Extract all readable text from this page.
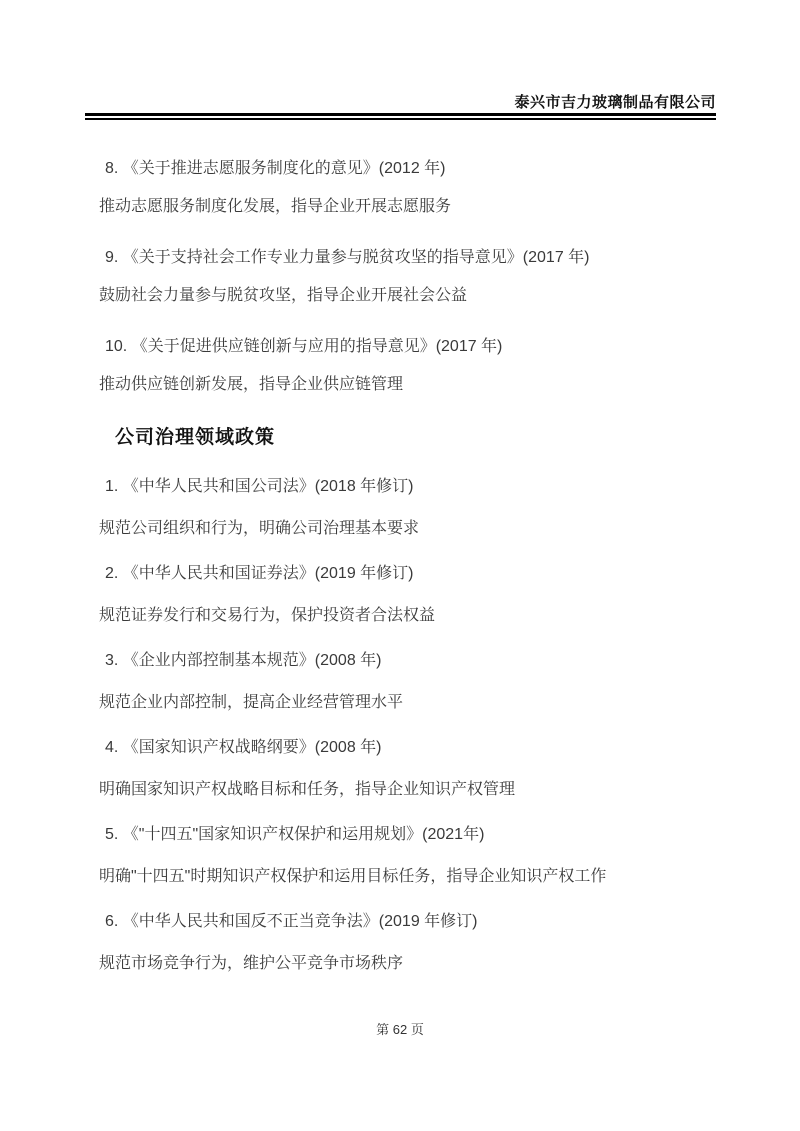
泰兴市吉力玻璃制品有限公司

8. 《关于推进志愿服务制度化的意见》(2012 年)

推动志愿服务制度化发展，指导企业开展志愿服务

9. 《关于支持社会工作专业力量参与脱贫攻坚的指导意见》(2017 年)

鼓励社会力量参与脱贫攻坚，指导企业开展社会公益

10. 《关于促进供应链创新与应用的指导意见》(2017 年)

推动供应链创新发展，指导企业供应链管理

公司治理领域政策

1. 《中华人民共和国公司法》(2018 年修订)

规范公司组织和行为，明确公司治理基本要求

2. 《中华人民共和国证券法》(2019 年修订)

规范证券发行和交易行为，保护投资者合法权益

3. 《企业内部控制基本规范》(2008 年)

规范企业内部控制，提高企业经营管理水平

4. 《国家知识产权战略纲要》(2008 年)

明确国家知识产权战略目标和任务，指导企业知识产权管理

5. 《"十四五"国家知识产权保护和运用规划》(2021年)

明确"十四五"时期知识产权保护和运用目标任务，指导企业知识产权工作

6. 《中华人民共和国反不正当竞争法》(2019 年修订)

规范市场竞争行为，维护公平竞争市场秩序

第 62 页
